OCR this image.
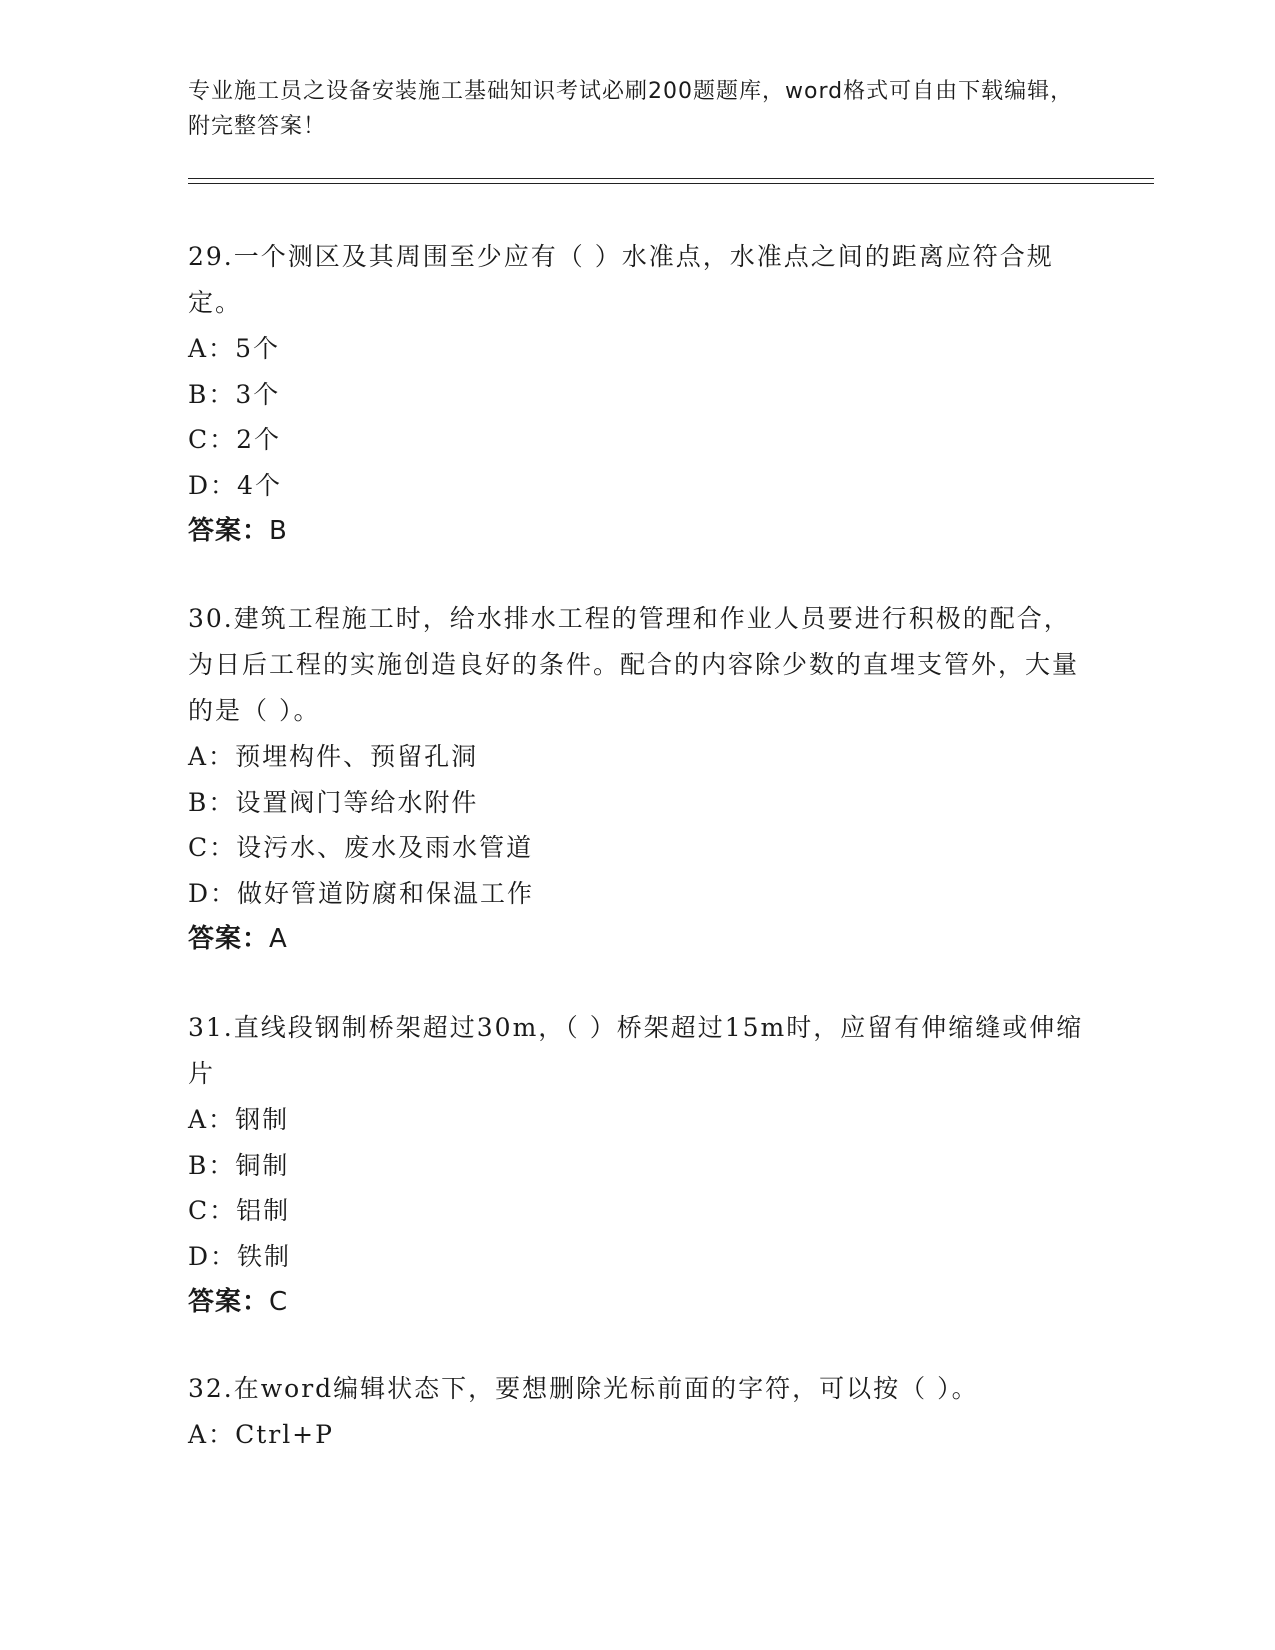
专业施工员之设备安装施工基础知识考试必刷200题题库，word格式可自由下载编辑，附完整答案！

29.一个测区及其周围至少应有（ ）水准点，水准点之间的距离应符合规定。

A：5个

B：3个

C：2个

D：4个

答案：B

30.建筑工程施工时，给水排水工程的管理和作业人员要进行积极的配合，为日后工程的实施创造良好的条件。配合的内容除少数的直埋支管外，大量的是（ ）。

A：预埋构件、预留孔洞

B：设置阀门等给水附件

C：设污水、废水及雨水管道

D：做好管道防腐和保温工作

答案：A

31.直线段钢制桥架超过30m，（ ）桥架超过15m时，应留有伸缩缝或伸缩片

A：钢制

B：铜制

C：铝制

D：铁制

答案：C

32.在word编辑状态下，要想删除光标前面的字符，可以按（ ）。

A：Ctrl+P
